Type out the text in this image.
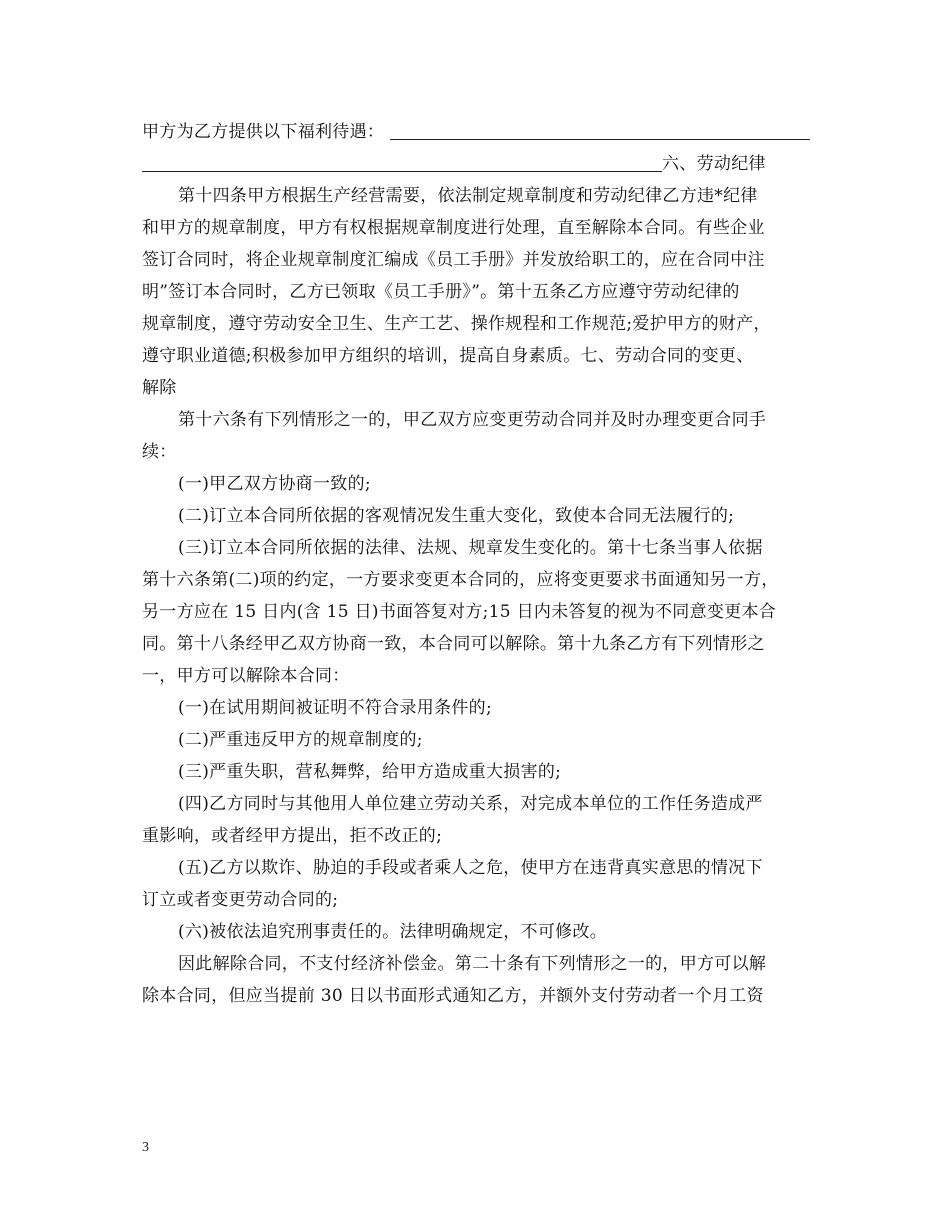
甲方为乙方提供以下福利待遇：
六、劳动纪律
第十四条甲方根据生产经营需要，依法制定规章制度和劳动纪律乙方违*纪律
和甲方的规章制度，甲方有权根据规章制度进行处理，直至解除本合同。有些企业
签订合同时，将企业规章制度汇编成《员工手册》并发放给职工的，应在合同中注
明”签订本合同时，乙方已领取《员工手册》”。第十五条乙方应遵守劳动纪律的
规章制度，遵守劳动安全卫生、生产工艺、操作规程和工作规范;爱护甲方的财产，
遵守职业道德;积极参加甲方组织的培训，提高自身素质。七、劳动合同的变更、
解除
第十六条有下列情形之一的，甲乙双方应变更劳动合同并及时办理变更合同手
续：
(一)甲乙双方协商一致的;
(二)订立本合同所依据的客观情况发生重大变化，致使本合同无法履行的;
(三)订立本合同所依据的法律、法规、规章发生变化的。第十七条当事人依据
第十六条第(二)项的约定，一方要求变更本合同的，应将变更要求书面通知另一方，
另一方应在 15 日内(含 15 日)书面答复对方;15 日内未答复的视为不同意变更本合
同。第十八条经甲乙双方协商一致，本合同可以解除。第十九条乙方有下列情形之
一，甲方可以解除本合同：
(一)在试用期间被证明不符合录用条件的;
(二)严重违反甲方的规章制度的;
(三)严重失职，营私舞弊，给甲方造成重大损害的;
(四)乙方同时与其他用人单位建立劳动关系，对完成本单位的工作任务造成严
重影响，或者经甲方提出，拒不改正的;
(五)乙方以欺诈、胁迫的手段或者乘人之危，使甲方在违背真实意思的情况下
订立或者变更劳动合同的;
(六)被依法追究刑事责任的。法律明确规定，不可修改。
因此解除合同，不支付经济补偿金。第二十条有下列情形之一的，甲方可以解
除本合同，但应当提前 30 日以书面形式通知乙方，并额外支付劳动者一个月工资
3
